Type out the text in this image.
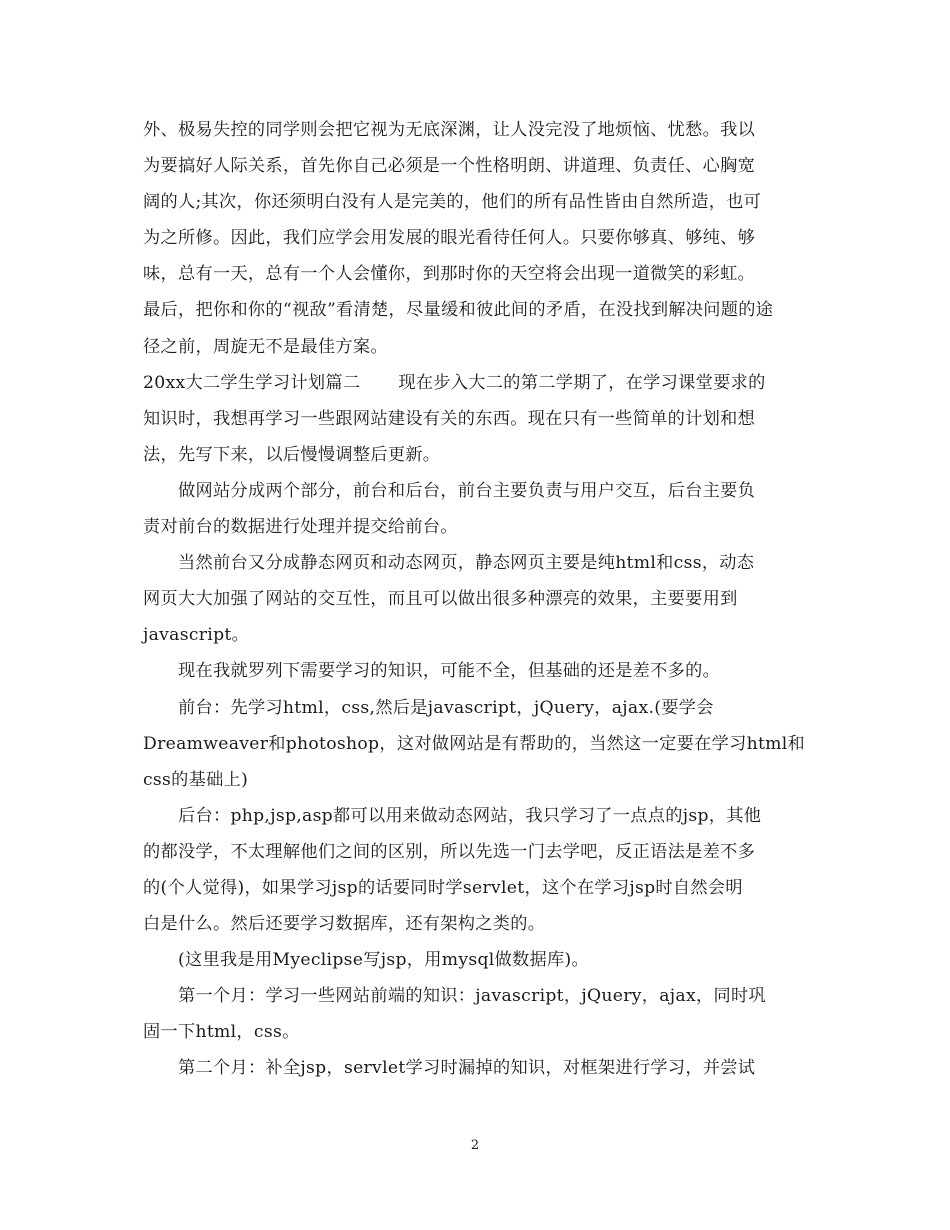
外、极易失控的同学则会把它视为无底深渊，让人没完没了地烦恼、忧愁。我以
为要搞好人际关系，首先你自己必须是一个性格明朗、讲道理、负责任、心胸宽
阔的人;其次，你还须明白没有人是完美的，他们的所有品性皆由自然所造，也可
为之所修。因此，我们应学会用发展的眼光看待任何人。只要你够真、够纯、够
味，总有一天，总有一个人会懂你，到那时你的天空将会出现一道微笑的彩虹。
最后，把你和你的“视敌”看清楚，尽量缓和彼此间的矛盾，在没找到解决问题的途
径之前，周旋无不是最佳方案。
20xx大二学生学习计划篇二 现在步入大二的第二学期了，在学习课堂要求的
知识时，我想再学习一些跟网站建设有关的东西。现在只有一些简单的计划和想
法，先写下来，以后慢慢调整后更新。
做网站分成两个部分，前台和后台，前台主要负责与用户交互，后台主要负
责对前台的数据进行处理并提交给前台。
当然前台又分成静态网页和动态网页，静态网页主要是纯html和css，动态
网页大大加强了网站的交互性，而且可以做出很多种漂亮的效果，主要要用到
javascript。
现在我就罗列下需要学习的知识，可能不全，但基础的还是差不多的。
前台：先学习html，css,然后是javascript，jQuery，ajax.(要学会
Dreamweaver和photoshop，这对做网站是有帮助的，当然这一定要在学习html和
css的基础上)
后台：php,jsp,asp都可以用来做动态网站，我只学习了一点点的jsp，其他
的都没学，不太理解他们之间的区别，所以先选一门去学吧，反正语法是差不多
的(个人觉得)，如果学习jsp的话要同时学servlet，这个在学习jsp时自然会明
白是什么。然后还要学习数据库，还有架构之类的。
(这里我是用Myeclipse写jsp，用mysql做数据库)。
第一个月：学习一些网站前端的知识：javascript，jQuery，ajax，同时巩
固一下html，css。
第二个月：补全jsp，servlet学习时漏掉的知识，对框架进行学习，并尝试
2
